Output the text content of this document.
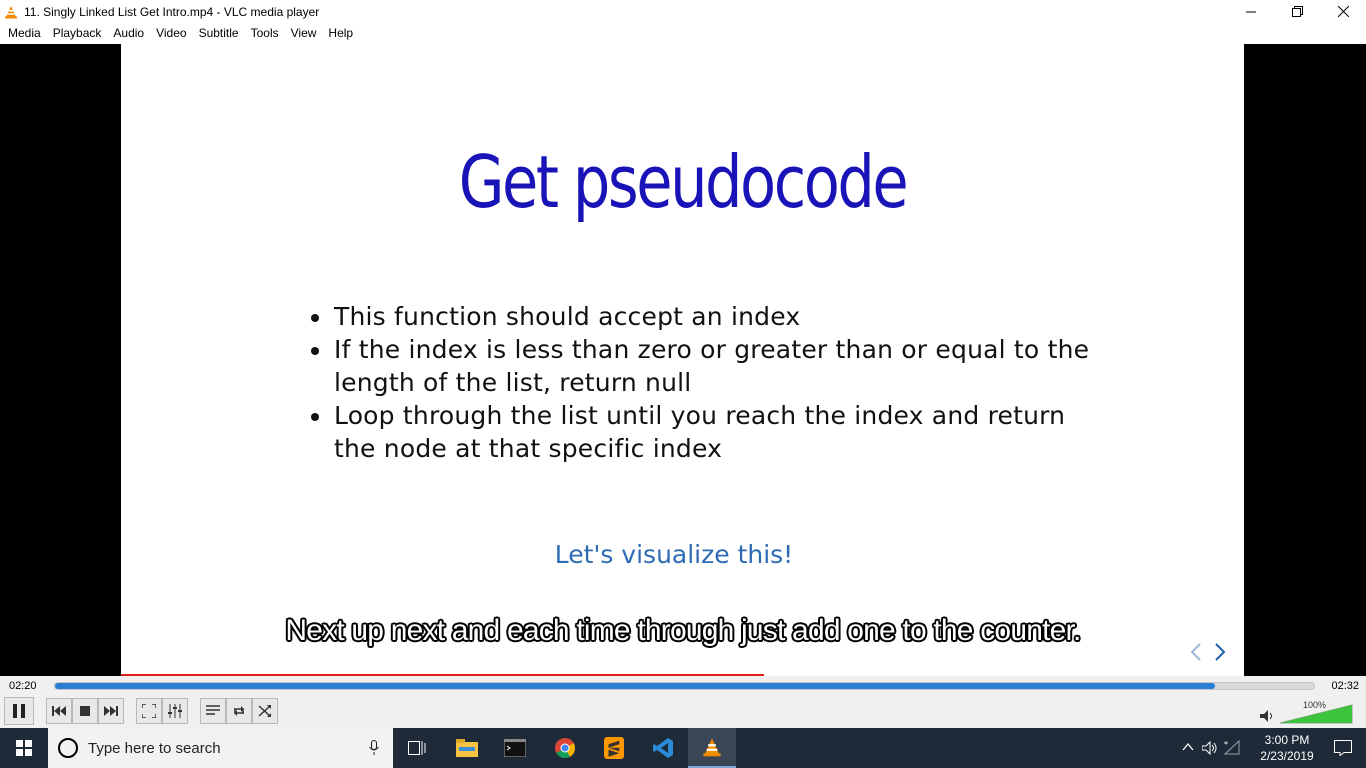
11. Singly Linked List Get Intro.mp4 - VLC media player
Media	Playback	Audio	Video	Subtitle	Tools	View	Help
Get pseudocode
This function should accept an index
If the index is less than zero or greater than or equal to the length of the list, return null
Loop through the list until you reach the index and return the node at that specific index
Let's visualize this!
Next up next and each time through just add one to the counter.
02:20	02:32
100%
Type here to search	*	3:00 PM
2/23/2019
